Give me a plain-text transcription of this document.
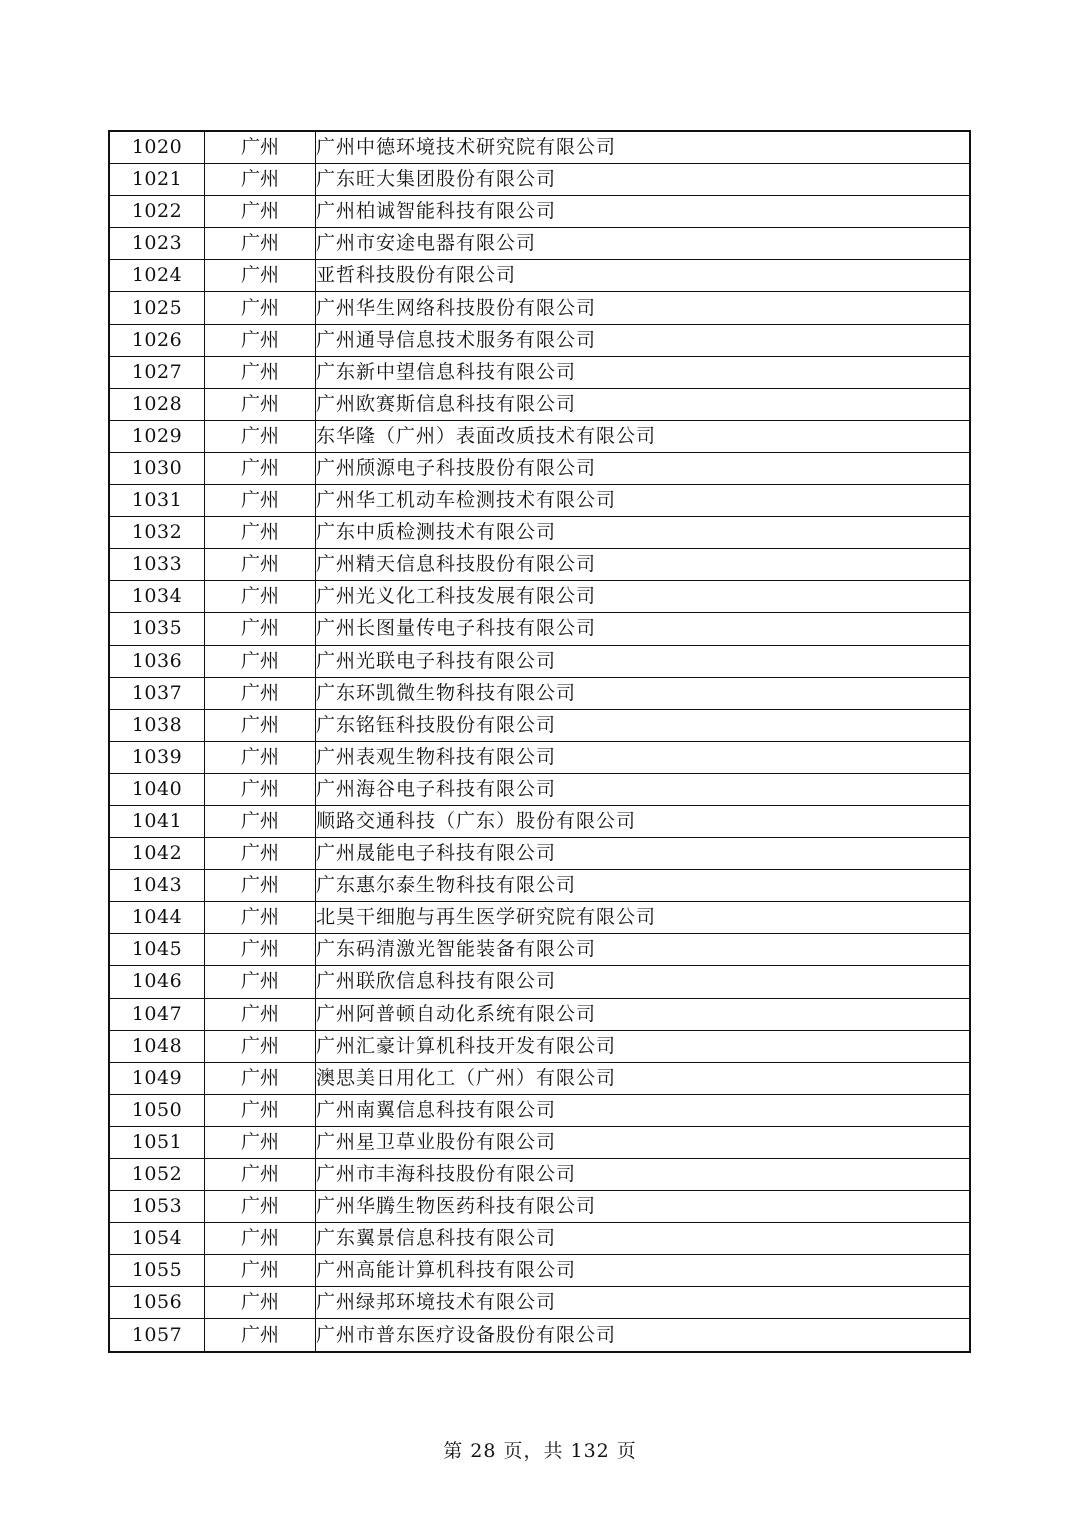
1020	广州	广州中德环境技术研究院有限公司
1021	广州	广东旺大集团股份有限公司
1022	广州	广州柏诚智能科技有限公司
1023	广州	广州市安途电器有限公司
1024	广州	亚哲科技股份有限公司
1025	广州	广州华生网络科技股份有限公司
1026	广州	广州通导信息技术服务有限公司
1027	广州	广东新中望信息科技有限公司
1028	广州	广州欧赛斯信息科技有限公司
1029	广州	东华隆（广州）表面改质技术有限公司
1030	广州	广州颀源电子科技股份有限公司
1031	广州	广州华工机动车检测技术有限公司
1032	广州	广东中质检测技术有限公司
1033	广州	广州精天信息科技股份有限公司
1034	广州	广州光义化工科技发展有限公司
1035	广州	广州长图量传电子科技有限公司
1036	广州	广州光联电子科技有限公司
1037	广州	广东环凯微生物科技有限公司
1038	广州	广东铭钰科技股份有限公司
1039	广州	广州表观生物科技有限公司
1040	广州	广州海谷电子科技有限公司
1041	广州	顺路交通科技（广东）股份有限公司
1042	广州	广州晟能电子科技有限公司
1043	广州	广东惠尔泰生物科技有限公司
1044	广州	北昊干细胞与再生医学研究院有限公司
1045	广州	广东码清激光智能装备有限公司
1046	广州	广州联欣信息科技有限公司
1047	广州	广州阿普顿自动化系统有限公司
1048	广州	广州汇豪计算机科技开发有限公司
1049	广州	澳思美日用化工（广州）有限公司
1050	广州	广州南翼信息科技有限公司
1051	广州	广州星卫草业股份有限公司
1052	广州	广州市丰海科技股份有限公司
1053	广州	广州华腾生物医药科技有限公司
1054	广州	广东翼景信息科技有限公司
1055	广州	广州高能计算机科技有限公司
1056	广州	广州绿邦环境技术有限公司
1057	广州	广州市普东医疗设备股份有限公司
第 28 页，共 132 页
